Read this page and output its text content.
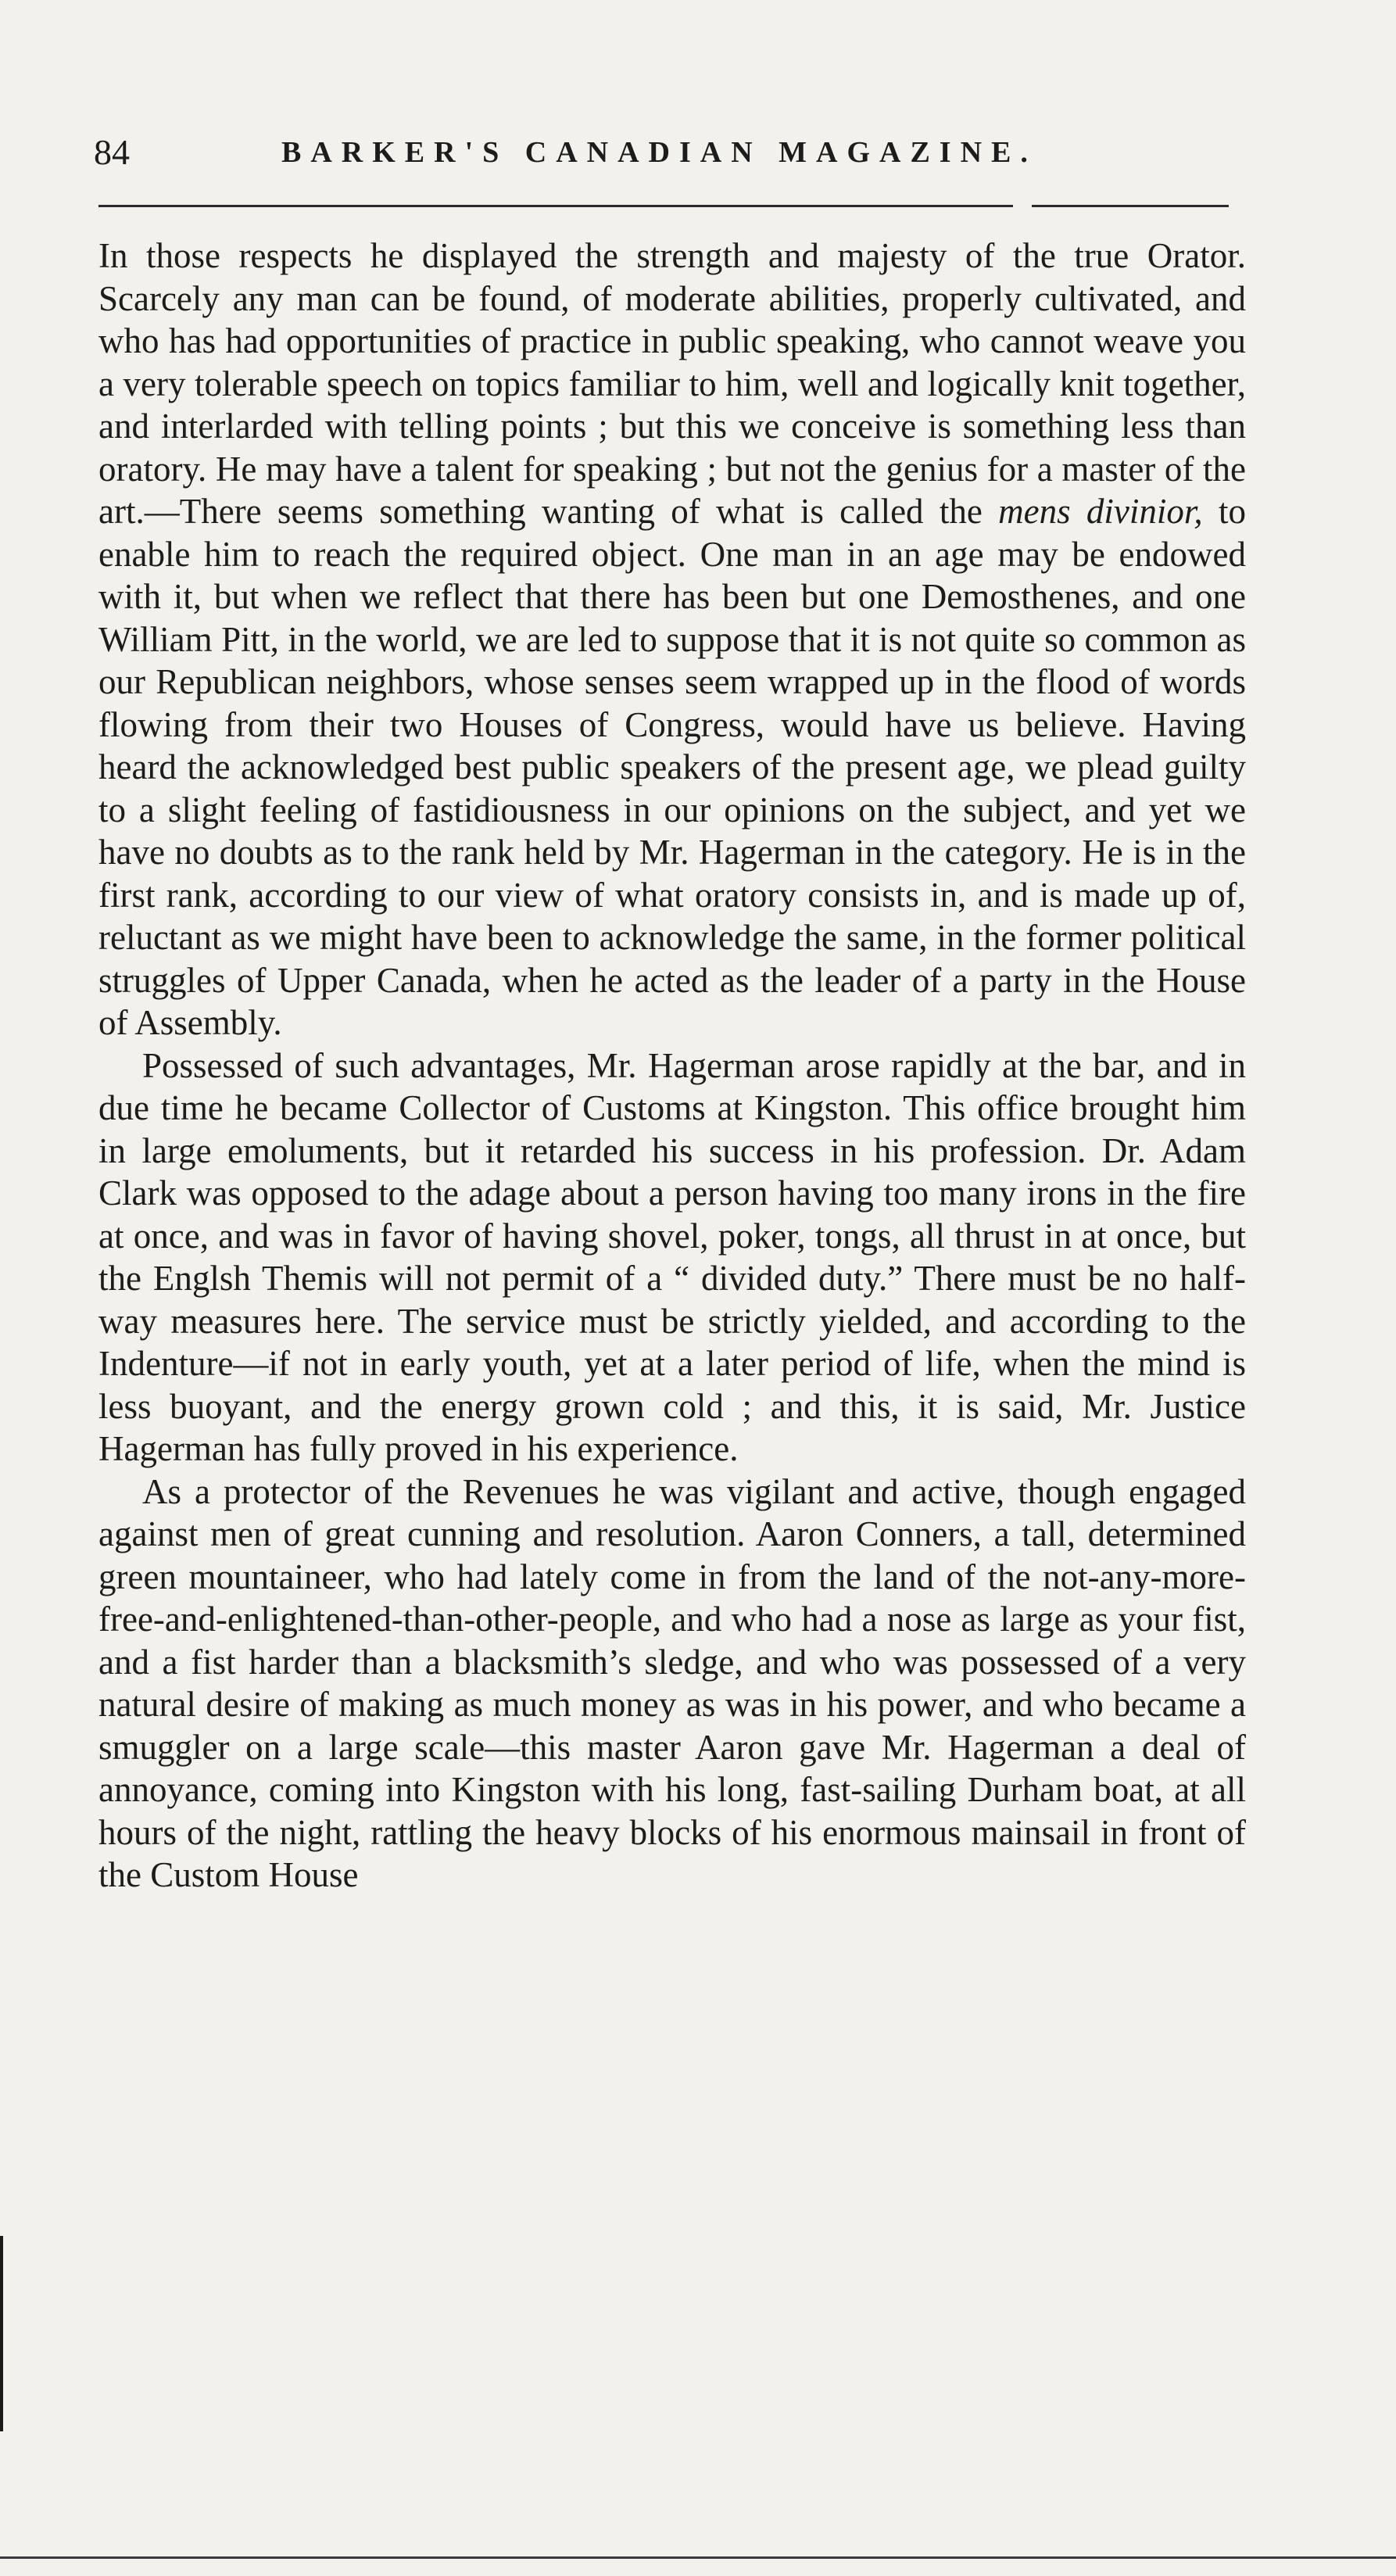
84	BARKER'S CANADIAN MAGAZINE.

In those respects he displayed the strength and majesty of the true Orator. Scarcely any man can be found, of moderate abilities, properly cultivated, and who has had opportunities of practice in public speaking, who cannot weave you a very tolerable speech on topics familiar to him, well and logically knit together, and interlarded with telling points ; but this we conceive is something less than oratory. He may have a talent for speaking ; but not the genius for a master of the art.—There seems something wanting of what is called the mens divinior, to enable him to reach the required object. One man in an age may be endowed with it, but when we reflect that there has been but one Demosthenes, and one William Pitt, in the world, we are led to suppose that it is not quite so common as our Republican neighbors, whose senses seem wrapped up in the flood of words flowing from their two Houses of Congress, would have us believe. Having heard the acknowledged best public speakers of the present age, we plead guilty to a slight feeling of fastidiousness in our opinions on the subject, and yet we have no doubts as to the rank held by Mr. Hagerman in the category. He is in the first rank, according to our view of what oratory consists in, and is made up of, reluctant as we might have been to acknowledge the same, in the former political struggles of Upper Canada, when he acted as the leader of a party in the House of Assembly.

Possessed of such advantages, Mr. Hagerman arose rapidly at the bar, and in due time he became Collector of Customs at Kingston. This office brought him in large emoluments, but it retarded his success in his profession. Dr. Adam Clark was opposed to the adage about a person having too many irons in the fire at once, and was in favor of having shovel, poker, tongs, all thrust in at once, but the Englsh Themis will not permit of a “ divided duty.” There must be no half-way measures here. The service must be strictly yielded, and according to the Indenture—if not in early youth, yet at a later period of life, when the mind is less buoyant, and the energy grown cold ; and this, it is said, Mr. Justice Hagerman has fully proved in his experience.

As a protector of the Revenues he was vigilant and active, though engaged against men of great cunning and resolution. Aaron Conners, a tall, determined green mountaineer, who had lately come in from the land of the not-any-more-free-and-enlightened-than-other-people, and who had a nose as large as your fist, and a fist harder than a blacksmith’s sledge, and who was possessed of a very natural desire of making as much money as was in his power, and who became a smuggler on a large scale—this master Aaron gave Mr. Hagerman a deal of annoyance, coming into Kingston with his long, fast-sailing Durham boat, at all hours of the night, rattling the heavy blocks of his enormous mainsail in front of the Custom House
